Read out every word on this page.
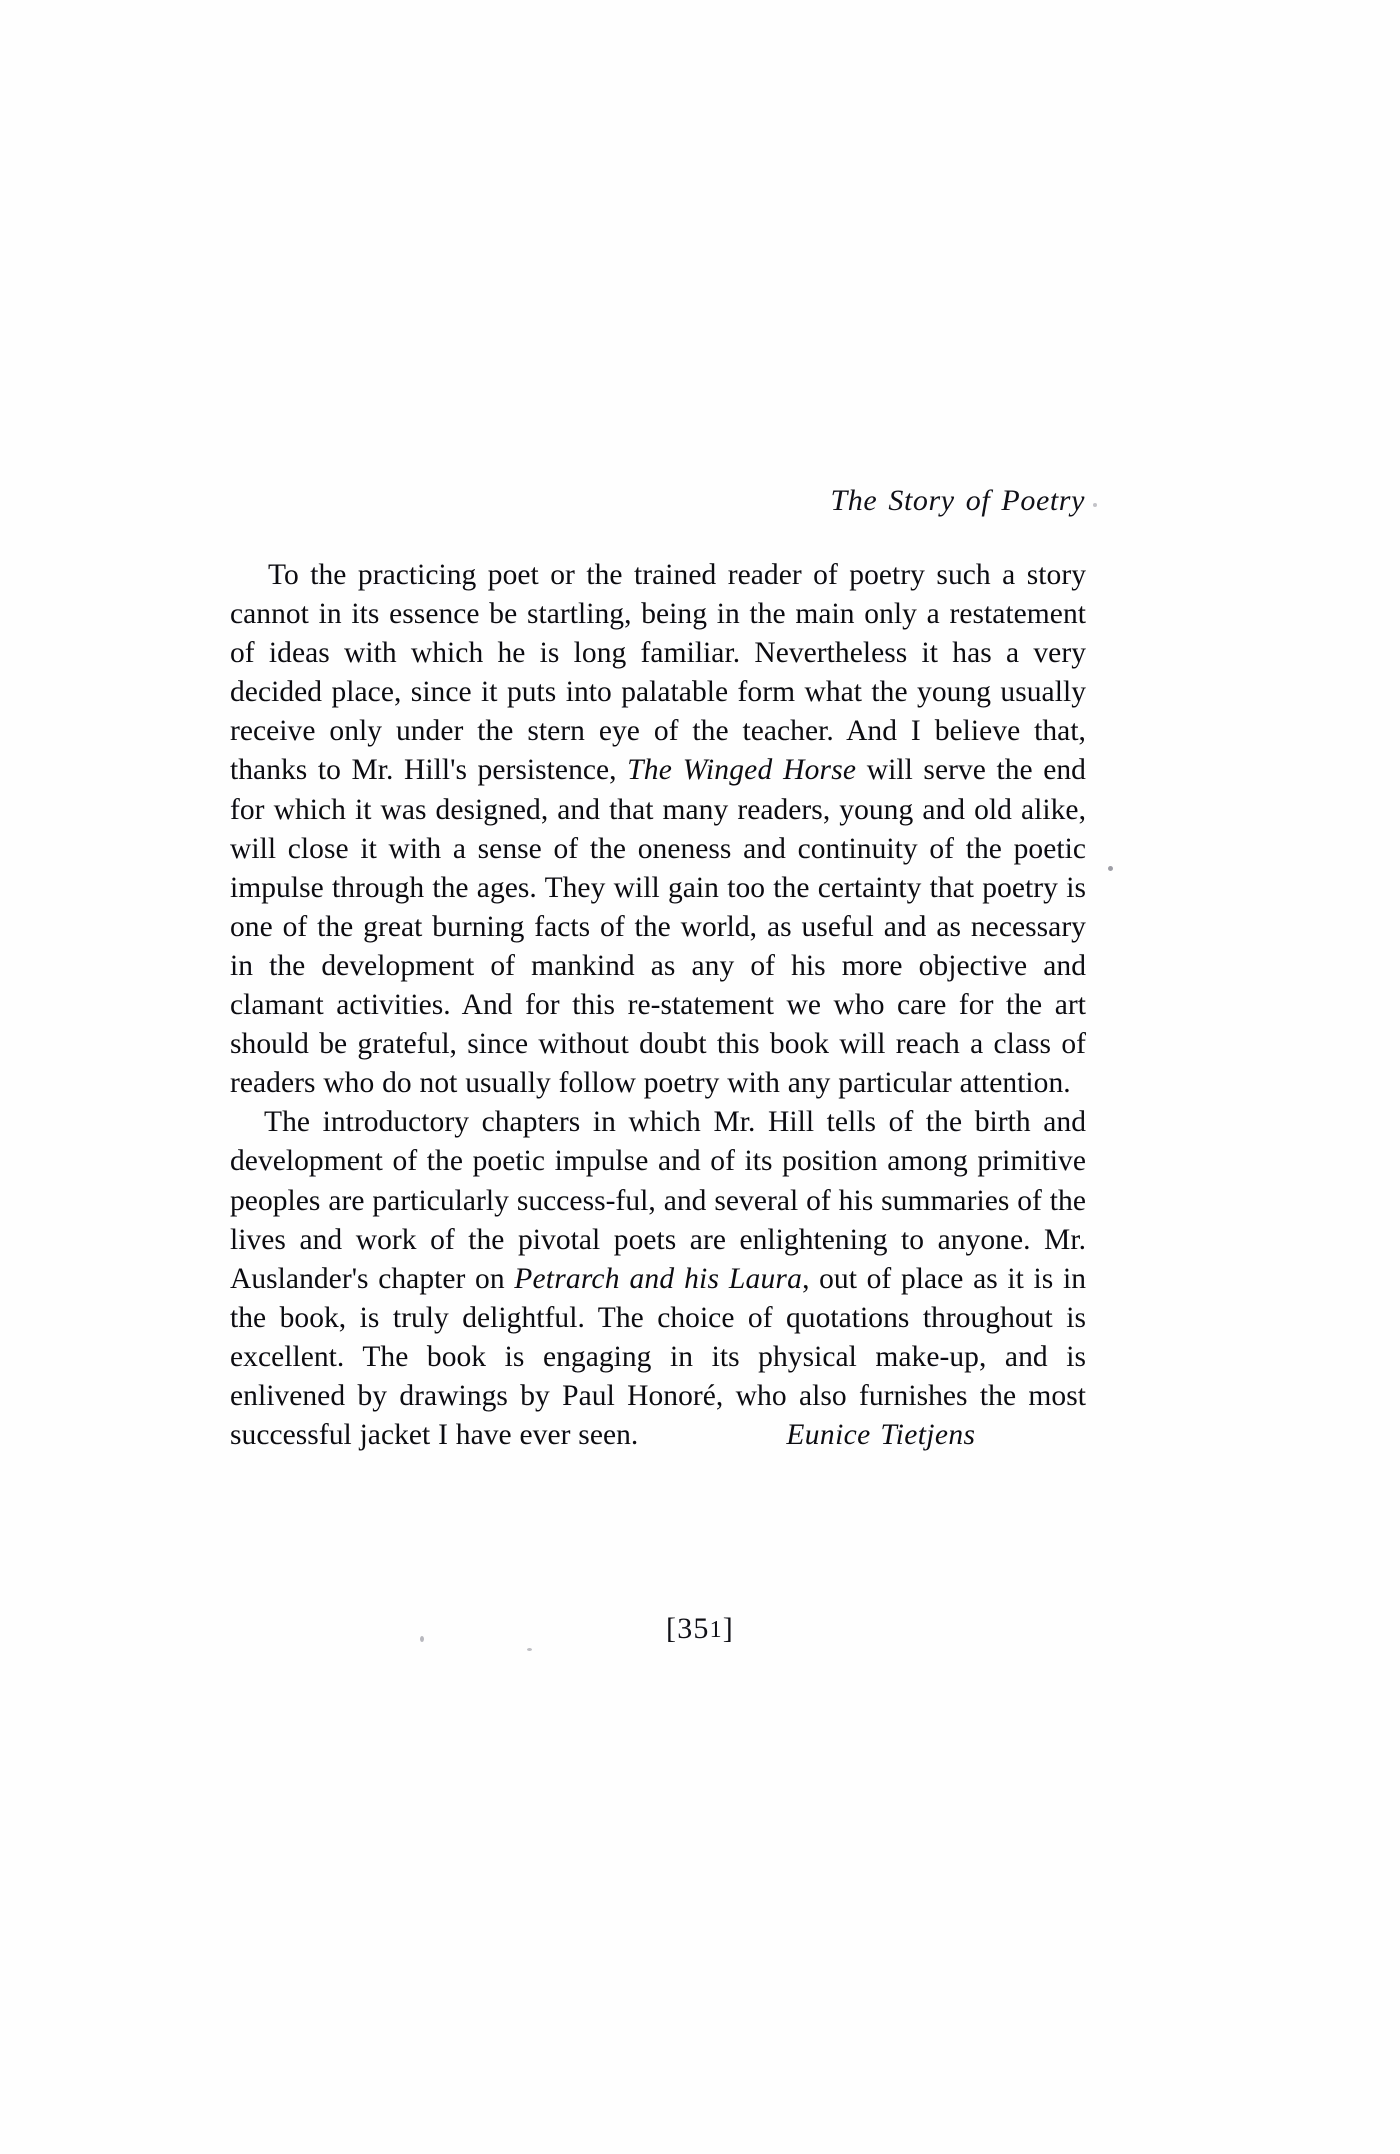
The Story of Poetry

To the practicing poet or the trained reader of poetry such a story cannot in its essence be startling, being in the main only a restatement of ideas with which he is long familiar. Nevertheless it has a very decided place, since it puts into palatable form what the young usually receive only under the stern eye of the teacher. And I believe that, thanks to Mr. Hill's persistence, The Winged Horse will serve the end for which it was designed, and that many readers, young and old alike, will close it with a sense of the oneness and continuity of the poetic impulse through the ages. They will gain too the certainty that poetry is one of the great burning facts of the world, as useful and as necessary in the development of mankind as any of his more objective and clamant activities. And for this re-statement we who care for the art should be grateful, since without doubt this book will reach a class of readers who do not usually follow poetry with any particular attention.

The introductory chapters in which Mr. Hill tells of the birth and development of the poetic impulse and of its position among primitive peoples are particularly success-ful, and several of his summaries of the lives and work of the pivotal poets are enlightening to anyone. Mr. Auslander's chapter on Petrarch and his Laura, out of place as it is in the book, is truly delightful. The choice of quotations throughout is excellent. The book is engaging in its physical make-up, and is enlivened by drawings by Paul Honoré, who also furnishes the most successful jacket I have ever seen.	Eunice Tietjens

[351]
